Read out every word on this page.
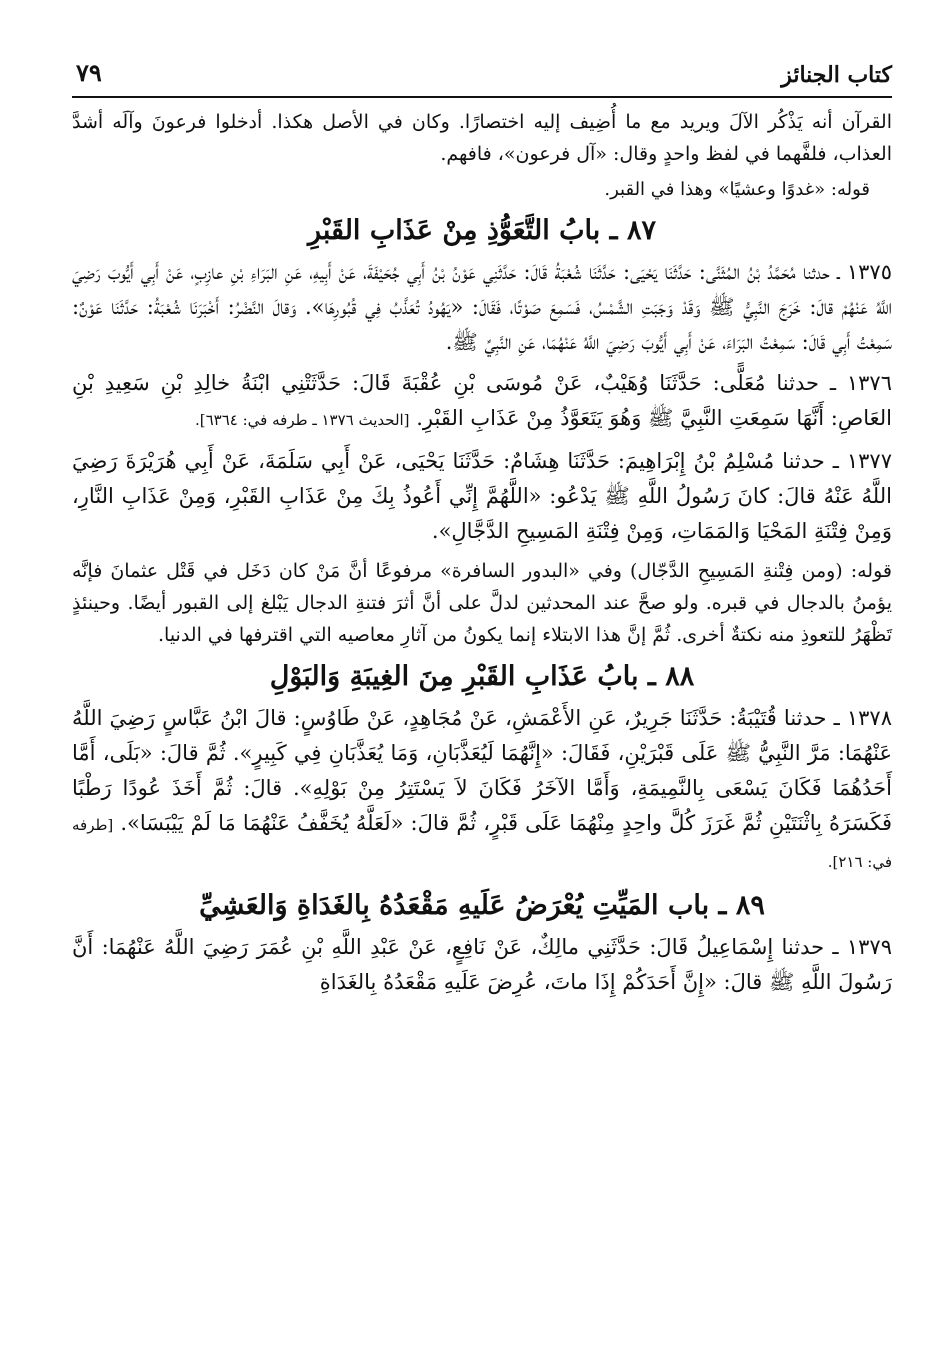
كتاب الجنائز
٧٩

القرآن أنه يَذْكُر الآلَ ويريد مع ما أُضِيف إليه اختصارًا. وكان في الأصل هكذا. أدخلوا فرعونَ وآلَه أشدَّ العذاب، فلفَّهما في لفظ واحدٍ وقال: «آل فرعون»، فافهم.

قوله: «غدوًا وعشيًا» وهذا في القبر.

٨٧ ـ بابُ التَّعَوُّذِ مِنْ عَذَابِ القَبْرِ

١٣٧٥ ـ حدثنا مُحَمَّدُ بْنُ المُثَنَّى: حَدَّثَنَا يَحْيَى: حَدَّثَنَا شُعْبَةُ قَالَ: حَدَّثَنِي عَوْنُ بْنُ أَبِي جُحَيْفَةَ، عَنْ أَبِيهِ، عَنِ البَرَاءِ بْنِ عازِبٍ، عَنْ أَبِي أَيُّوبَ رَضِيَ اللَّهُ عَنْهُمْ قالَ: خَرَجَ النَّبِيُّ ﷺ وَقَدْ وَجَبَتِ الشَّمْسُ، فَسَمِعَ صَوْتًا، فَقَالَ: «يَهُودُ تُعَذَّبُ فِي قُبُورِهَا». وَقالَ النَّضْرُ: أَخْبَرَنَا شُعْبَةُ: حَدَّثَنَا عَوْنٌ: سَمِعْتُ أَبِي قَالَ: سَمِعْتُ البَرَاءَ، عَنْ أَبِي أَيُّوبَ رَضِيَ اللَّهُ عَنْهُمَا، عَنِ النَّبِيِّ ﷺ.

١٣٧٦ ـ حدثنا مُعَلًّى: حَدَّثَنَا وُهَيْبٌ، عَنْ مُوسَى بْنِ عُقْبَةَ قَالَ: حَدَّثَتْنِي ابْنَةُ خالِدِ بْنِ سَعِيدِ بْنِ العَاصِ: أَنَّهَا سَمِعَتِ النَّبِيَّ ﷺ وَهُوَ يَتَعَوَّذُ مِنْ عَذَابِ القَبْرِ. [الحديث ١٣٧٦ ـ طرفه في: ٦٣٦٤].

١٣٧٧ ـ حدثنا مُسْلِمُ بْنُ إِبْرَاهِيمَ: حَدَّثَنَا هِشَامٌ: حَدَّثَنَا يَحْيَى، عَنْ أَبِي سَلَمَةَ، عَنْ أَبِي هُرَيْرَةَ رَضِيَ اللَّهُ عَنْهُ قالَ: كانَ رَسُولُ اللَّهِ ﷺ يَدْعُو: «اللَّهُمَّ إِنِّي أَعُوذُ بِكَ مِنْ عَذَابِ القَبْرِ، وَمِنْ عَذَابِ النَّارِ، وَمِنْ فِتْنَةِ المَحْيَا وَالمَمَاتِ، وَمِنْ فِتْنَةِ المَسِيحِ الدَّجَّالِ».

قوله: (ومن فِتْنةِ المَسِيحِ الدَّجّال) وفي «البدور السافرة» مرفوعًا أنَّ مَنْ كان دَخَل في قَتْل عثمانَ فإنَّه يؤمنُ بالدجال في قبره. ولو صحَّ عند المحدثين لدلَّ على أنَّ أثرَ فتنةِ الدجال يَبْلغ إلى القبور أيضًا. وحينئذٍ تَظْهَرُ للتعوذِ منه نكتةٌ أخرى. ثُمَّ إنَّ هذا الابتلاء إنما يكونُ من آثارِ معاصيه التي اقترفها في الدنيا.

٨٨ ـ بابُ عَذَابِ القَبْرِ مِنَ الغِيبَةِ وَالبَوْلِ

١٣٧٨ ـ حدثنا قُتَيْبَةُ: حَدَّثَنَا جَرِيرٌ، عَنِ الأَعْمَشِ، عَنْ مُجَاهِدٍ، عَنْ طَاوُسٍ: قالَ ابْنُ عَبَّاسٍ رَضِيَ اللَّهُ عَنْهُمَا: مَرَّ النَّبِيُّ ﷺ عَلَى قَبْرَيْنِ، فَقَالَ: «إِنَّهُمَا لَيُعَذَّبَانِ، وَمَا يُعَذَّبَانِ فِي كَبِيرٍ». ثُمَّ قالَ: «بَلَى، أَمَّا أَحَدُهُمَا فَكَانَ يَسْعَى بِالنَّمِيمَةِ، وَأَمَّا الآخَرُ فَكَانَ لاَ يَسْتَتِرُ مِنْ بَوْلِهِ». قالَ: ثُمَّ أَخَذَ عُودًا رَطْبًا فَكَسَرَهُ بِاثْنَتَيْنِ ثُمَّ غَرَزَ كُلَّ واحِدٍ مِنْهُمَا عَلَى قَبْرٍ، ثُمَّ قالَ: «لَعَلَّهُ يُخَفَّفُ عَنْهُمَا مَا لَمْ يَيْبَسَا». [طرفه في: ٢١٦].

٨٩ ـ باب المَيِّتِ يُعْرَضُ عَلَيهِ مَقْعَدُهُ بِالغَدَاةِ وَالعَشِيِّ

١٣٧٩ ـ حدثنا إِسْمَاعِيلُ قَالَ: حَدَّثَنِي مالِكٌ، عَنْ نَافِعٍ، عَنْ عَبْدِ اللَّهِ بْنِ عُمَرَ رَضِيَ اللَّهُ عَنْهُمَا: أَنَّ رَسُولَ اللَّهِ ﷺ قالَ: «إِنَّ أَحَدَكُمْ إِذَا ماتَ، عُرِضَ عَلَيهِ مَقْعَدُهُ بِالغَدَاةِ
